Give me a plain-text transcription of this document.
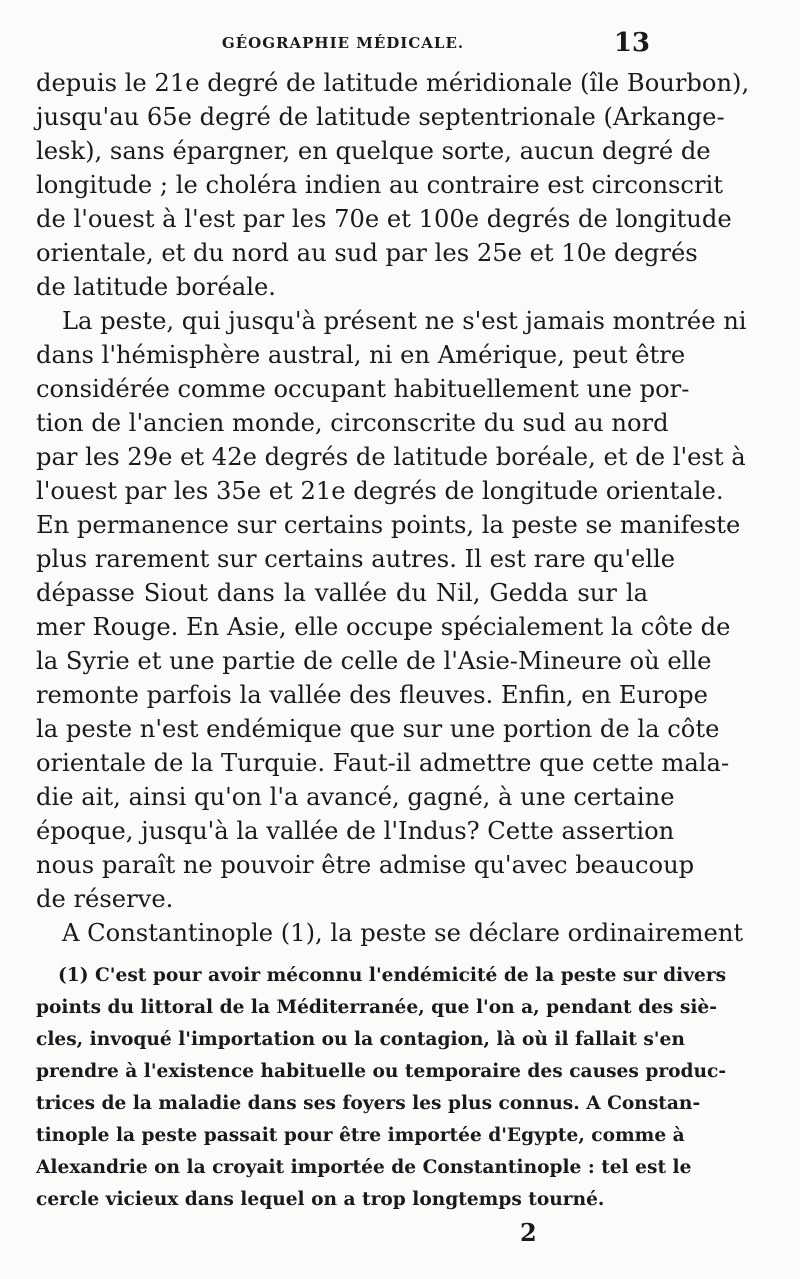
GÉOGRAPHIE MÉDICALE.	13
depuis le 21e degré de latitude méridionale (île Bourbon),
jusqu'au 65e degré de latitude septentrionale (Arkange-
lesk), sans épargner, en quelque sorte, aucun degré de
longitude ; le choléra indien au contraire est circonscrit
de l'ouest à l'est par les 70e et 100e degrés de longitude
orientale, et du nord au sud par les 25e et 10e degrés
de latitude boréale.
La peste, qui jusqu'à présent ne s'est jamais montrée ni
dans l'hémisphère austral, ni en Amérique, peut être
considérée comme occupant habituellement une por-
tion de l'ancien monde, circonscrite du sud au nord
par les 29e et 42e degrés de latitude boréale, et de l'est à
l'ouest par les 35e et 21e degrés de longitude orientale.
En permanence sur certains points, la peste se manifeste
plus rarement sur certains autres. Il est rare qu'elle
dépasse Siout dans la vallée du Nil, Gedda sur la
mer Rouge. En Asie, elle occupe spécialement la côte de
la Syrie et une partie de celle de l'Asie-Mineure où elle
remonte parfois la vallée des fleuves. Enfin, en Europe
la peste n'est endémique que sur une portion de la côte
orientale de la Turquie. Faut-il admettre que cette mala-
die ait, ainsi qu'on l'a avancé, gagné, à une certaine
époque, jusqu'à la vallée de l'Indus? Cette assertion
nous paraît ne pouvoir être admise qu'avec beaucoup
de réserve.
A Constantinople (1), la peste se déclare ordinairement
(1) C'est pour avoir méconnu l'endémicité de la peste sur divers
points du littoral de la Méditerranée, que l'on a, pendant des siè-
cles, invoqué l'importation ou la contagion, là où il fallait s'en
prendre à l'existence habituelle ou temporaire des causes produc-
trices de la maladie dans ses foyers les plus connus. A Constan-
tinople la peste passait pour être importée d'Egypte, comme à
Alexandrie on la croyait importée de Constantinople : tel est le
cercle vicieux dans lequel on a trop longtemps tourné.
2
